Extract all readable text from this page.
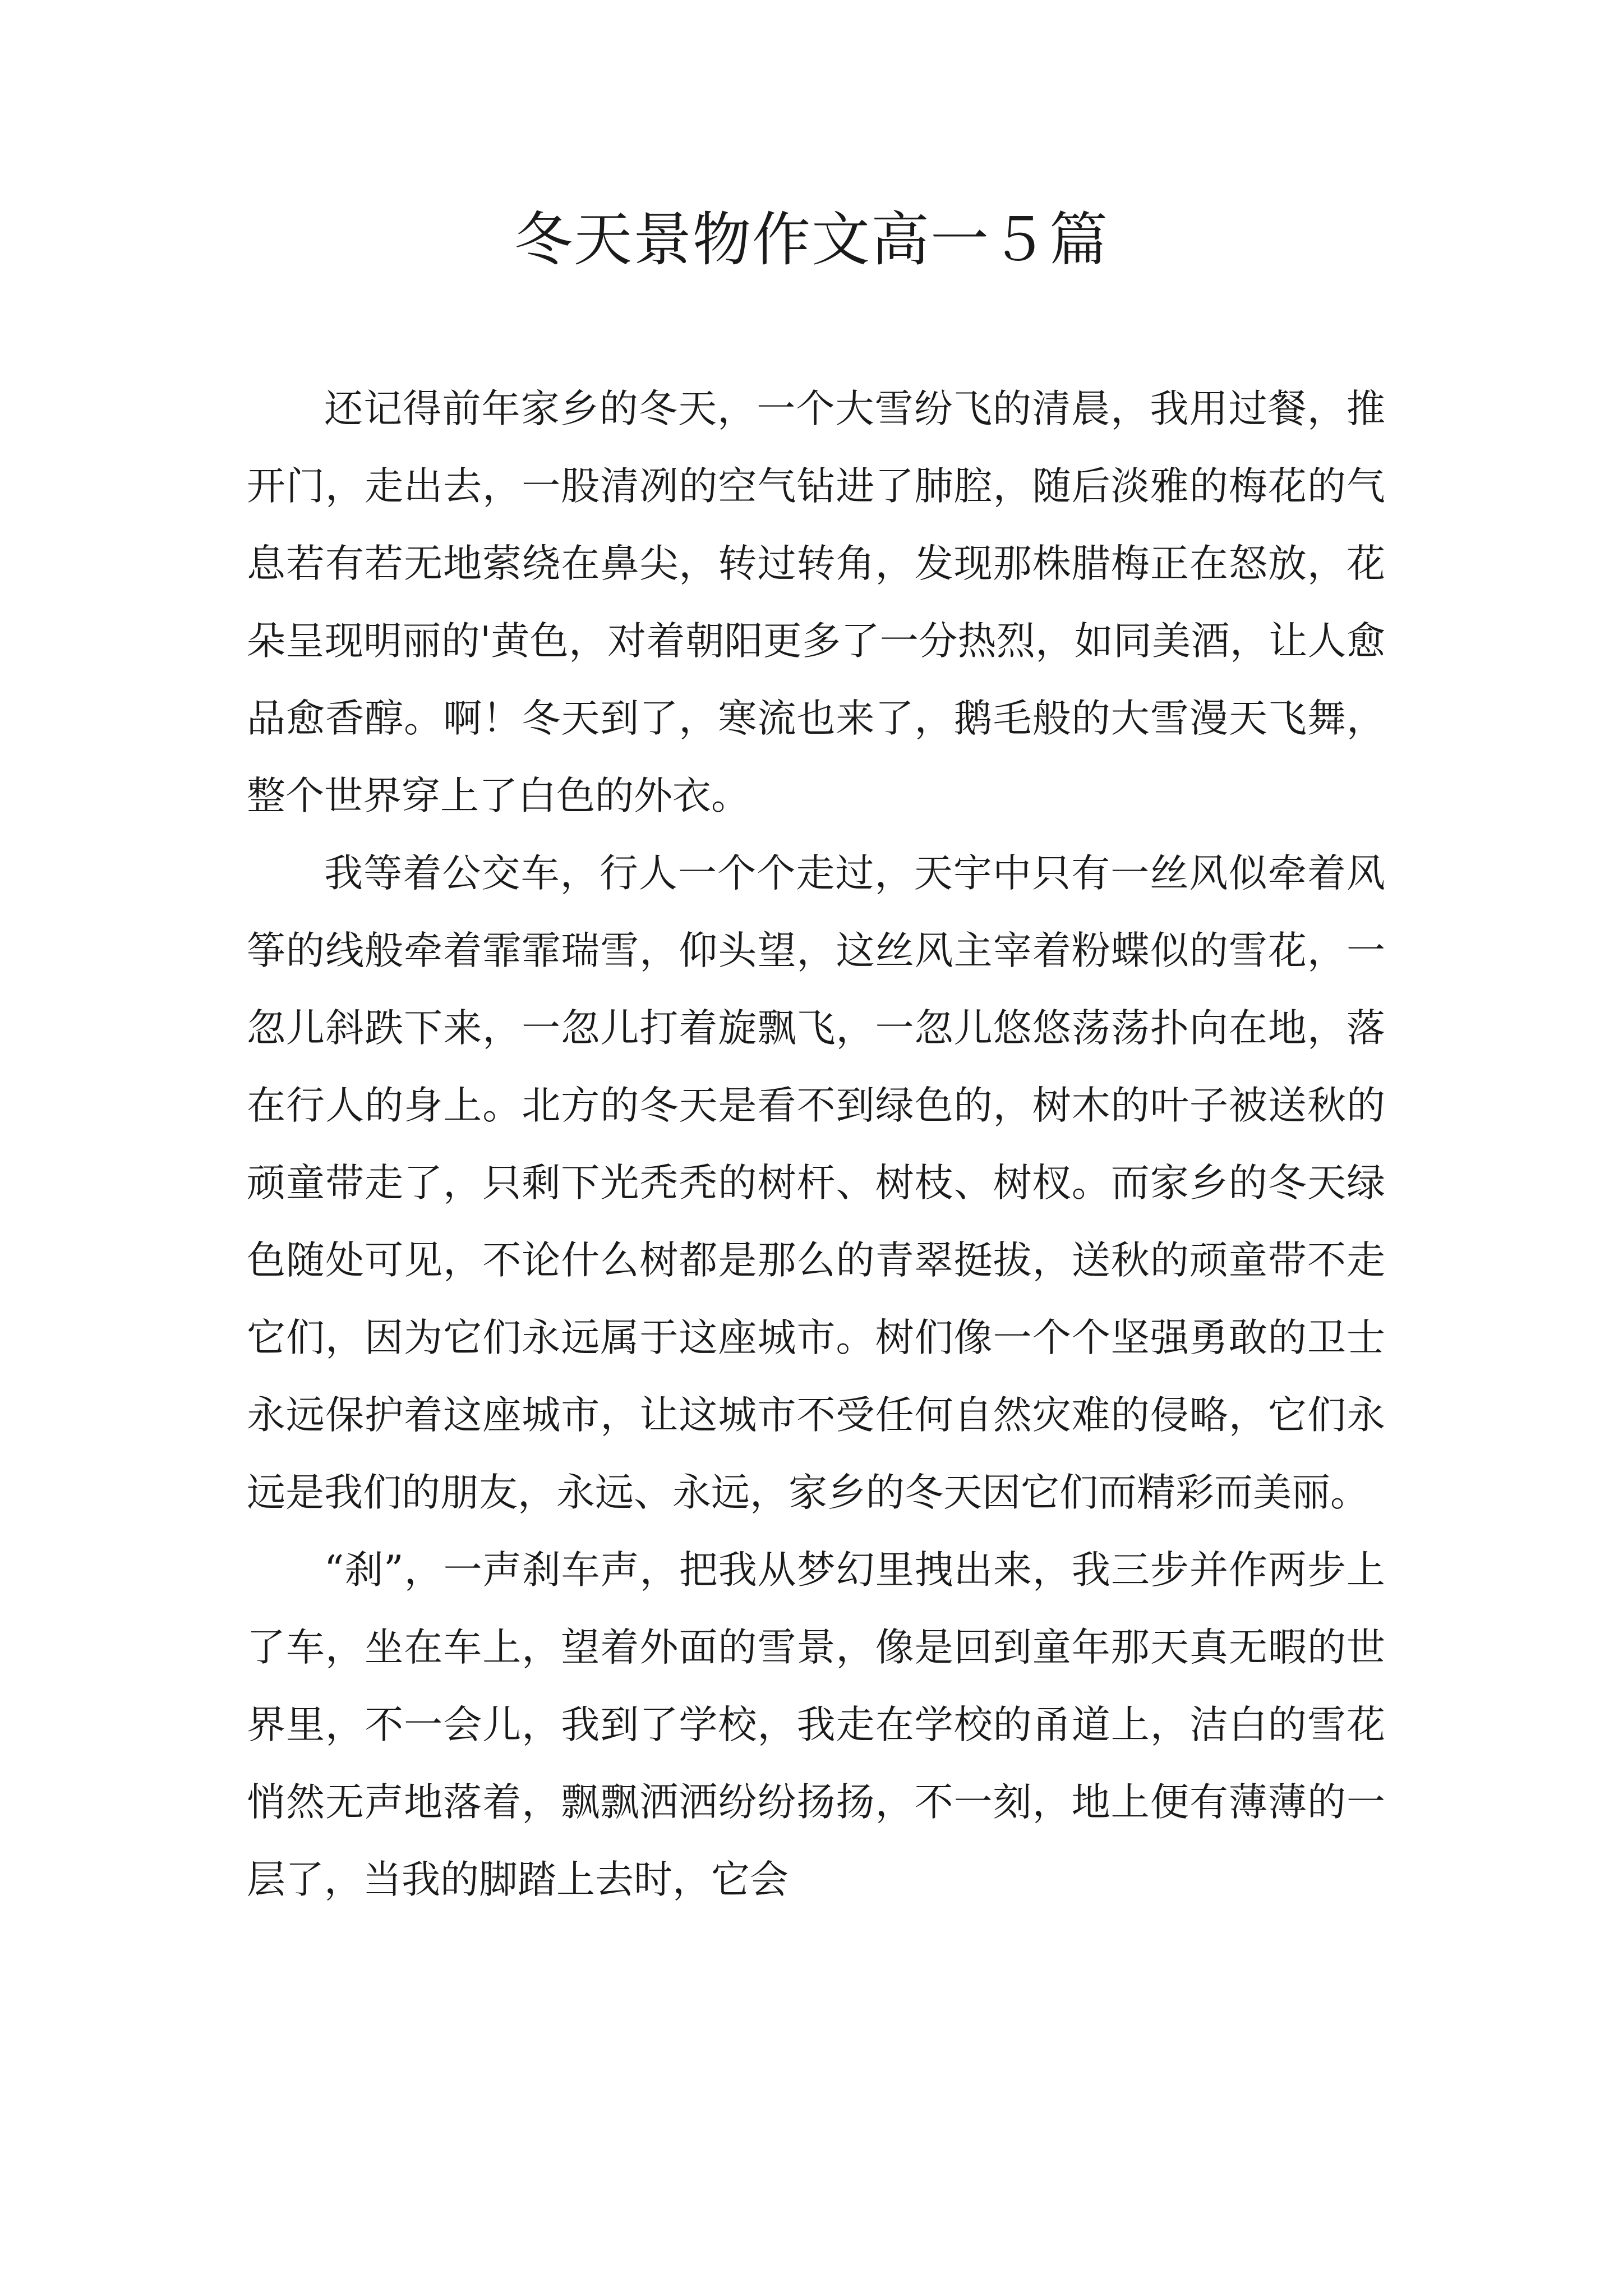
冬天景物作文高一５篇

还记得前年家乡的冬天，一个大雪纷飞的清晨，我用过餐，推开门，走出去，一股清冽的空气钻进了肺腔，随后淡雅的梅花的气息若有若无地萦绕在鼻尖，转过转角，发现那株腊梅正在怒放，花朵呈现明丽的'黄色，对着朝阳更多了一分热烈，如同美酒，让人愈品愈香醇。啊！冬天到了，寒流也来了，鹅毛般的大雪漫天飞舞，整个世界穿上了白色的外衣。

我等着公交车，行人一个个走过，天宇中只有一丝风似牵着风筝的线般牵着霏霏瑞雪，仰头望，这丝风主宰着粉蝶似的雪花，一忽儿斜跌下来，一忽儿打着旋飘飞，一忽儿悠悠荡荡扑向在地，落在行人的身上。北方的冬天是看不到绿色的，树木的叶子被送秋的顽童带走了，只剩下光秃秃的树杆、树枝、树杈。而家乡的冬天绿色随处可见，不论什么树都是那么的青翠挺拔，送秋的顽童带不走它们，因为它们永远属于这座城市。树们像一个个坚强勇敢的卫士永远保护着这座城市，让这城市不受任何自然灾难的侵略，它们永远是我们的朋友，永远、永远，家乡的冬天因它们而精彩而美丽。

“刹”，一声刹车声，把我从梦幻里拽出来，我三步并作两步上了车，坐在车上，望着外面的雪景，像是回到童年那天真无暇的世界里，不一会儿，我到了学校，我走在学校的甬道上，洁白的雪花悄然无声地落着，飘飘洒洒纷纷扬扬，不一刻，地上便有薄薄的一层了，当我的脚踏上去时，它会
